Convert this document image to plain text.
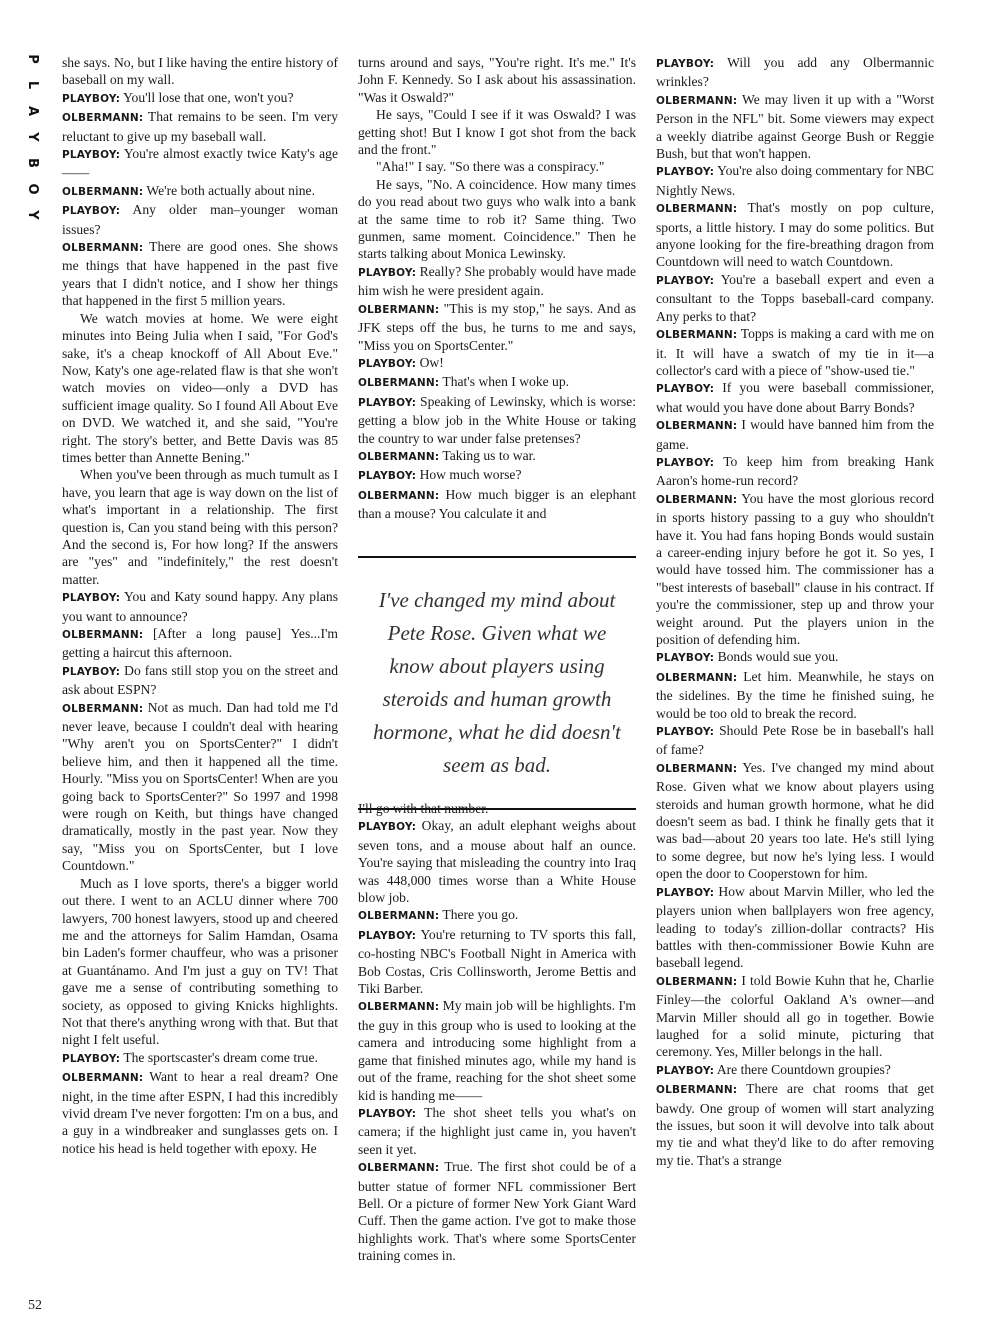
P
L
A
Y
B
O
Y
52

she says. No, but I like having the entire history of baseball on my wall.

PLAYBOY: You'll lose that one, won't you?

OLBERMANN: That remains to be seen. I'm very reluctant to give up my baseball wall.

PLAYBOY: You're almost exactly twice Katy's age——

OLBERMANN: We're both actually about nine.

PLAYBOY: Any older man–younger woman issues?

OLBERMANN: There are good ones. She shows me things that have happened in the past five years that I didn't notice, and I show her things that happened in the first 5 million years.

We watch movies at home. We were eight minutes into Being Julia when I said, "For God's sake, it's a cheap knockoff of All About Eve." Now, Katy's one age-related flaw is that she won't watch movies on video—only a DVD has sufficient image quality. So I found All About Eve on DVD. We watched it, and she said, "You're right. The story's better, and Bette Davis was 85 times better than Annette Bening."

When you've been through as much tumult as I have, you learn that age is way down on the list of what's important in a relationship. The first question is, Can you stand being with this person? And the second is, For how long? If the answers are "yes" and "indefinitely," the rest doesn't matter.

PLAYBOY: You and Katy sound happy. Any plans you want to announce?

OLBERMANN: [After a long pause] Yes...I'm getting a haircut this afternoon.

PLAYBOY: Do fans still stop you on the street and ask about ESPN?

OLBERMANN: Not as much. Dan had told me I'd never leave, because I couldn't deal with hearing "Why aren't you on SportsCenter?" I didn't believe him, and then it happened all the time. Hourly. "Miss you on SportsCenter! When are you going back to SportsCenter?" So 1997 and 1998 were rough on Keith, but things have changed dramatically, mostly in the past year. Now they say, "Miss you on SportsCenter, but I love Countdown."

Much as I love sports, there's a bigger world out there. I went to an ACLU dinner where 700 lawyers, 700 honest lawyers, stood up and cheered me and the attorneys for Salim Hamdan, Osama bin Laden's former chauffeur, who was a prisoner at Guantánamo. And I'm just a guy on TV! That gave me a sense of contributing something to society, as opposed to giving Knicks highlights. Not that there's anything wrong with that. But that night I felt useful.

PLAYBOY: The sportscaster's dream come true.

OLBERMANN: Want to hear a real dream? One night, in the time after ESPN, I had this incredibly vivid dream I've never forgotten: I'm on a bus, and a guy in a windbreaker and sunglasses gets on. I notice his head is held together with epoxy. He

turns around and says, "You're right. It's me." It's John F. Kennedy. So I ask about his assassination. "Was it Oswald?"

He says, "Could I see if it was Oswald? I was getting shot! But I know I got shot from the back and the front."

"Aha!" I say. "So there was a conspiracy."

He says, "No. A coincidence. How many times do you read about two guys who walk into a bank at the same time to rob it? Same thing. Two gunmen, same moment. Coincidence." Then he starts talking about Monica Lewinsky.

PLAYBOY: Really? She probably would have made him wish he were president again.

OLBERMANN: "This is my stop," he says. And as JFK steps off the bus, he turns to me and says, "Miss you on SportsCenter."

PLAYBOY: Ow!

OLBERMANN: That's when I woke up.

PLAYBOY: Speaking of Lewinsky, which is worse: getting a blow job in the White House or taking the country to war under false pretenses?

OLBERMANN: Taking us to war.

PLAYBOY: How much worse?

OLBERMANN: How much bigger is an elephant than a mouse? You calculate it and

I've changed my mind about Pete Rose. Given what we know about players using steroids and human growth hormone, what he did doesn't seem as bad.

I'll go with that number.

PLAYBOY: Okay, an adult elephant weighs about seven tons, and a mouse about half an ounce. You're saying that misleading the country into Iraq was 448,000 times worse than a White House blow job.

OLBERMANN: There you go.

PLAYBOY: You're returning to TV sports this fall, co-hosting NBC's Football Night in America with Bob Costas, Cris Collinsworth, Jerome Bettis and Tiki Barber.

OLBERMANN: My main job will be highlights. I'm the guy in this group who is used to looking at the camera and introducing some highlight from a game that finished minutes ago, while my hand is out of the frame, reaching for the shot sheet some kid is handing me——

PLAYBOY: The shot sheet tells you what's on camera; if the highlight just came in, you haven't seen it yet.

OLBERMANN: True. The first shot could be of a butter statue of former NFL commissioner Bert Bell. Or a picture of former New York Giant Ward Cuff. Then the game action. I've got to make those highlights work. That's where some SportsCenter training comes in.

PLAYBOY: Will you add any Olbermannic wrinkles?

OLBERMANN: We may liven it up with a "Worst Person in the NFL" bit. Some viewers may expect a weekly diatribe against George Bush or Reggie Bush, but that won't happen.

PLAYBOY: You're also doing commentary for NBC Nightly News.

OLBERMANN: That's mostly on pop culture, sports, a little history. I may do some politics. But anyone looking for the fire-breathing dragon from Countdown will need to watch Countdown.

PLAYBOY: You're a baseball expert and even a consultant to the Topps baseball-card company. Any perks to that?

OLBERMANN: Topps is making a card with me on it. It will have a swatch of my tie in it—a collector's card with a piece of "show-used tie."

PLAYBOY: If you were baseball commissioner, what would you have done about Barry Bonds?

OLBERMANN: I would have banned him from the game.

PLAYBOY: To keep him from breaking Hank Aaron's home-run record?

OLBERMANN: You have the most glorious record in sports history passing to a guy who shouldn't have it. You had fans hoping Bonds would sustain a career-ending injury before he got it. So yes, I would have tossed him. The commissioner has a "best interests of baseball" clause in his contract. If you're the commissioner, step up and throw your weight around. Put the players union in the position of defending him.

PLAYBOY: Bonds would sue you.

OLBERMANN: Let him. Meanwhile, he stays on the sidelines. By the time he finished suing, he would be too old to break the record.

PLAYBOY: Should Pete Rose be in baseball's hall of fame?

OLBERMANN: Yes. I've changed my mind about Rose. Given what we know about players using steroids and human growth hormone, what he did doesn't seem as bad. I think he finally gets that it was bad—about 20 years too late. He's still lying to some degree, but now he's lying less. I would open the door to Cooperstown for him.

PLAYBOY: How about Marvin Miller, who led the players union when ballplayers won free agency, leading to today's zillion-dollar contracts? His battles with then-commissioner Bowie Kuhn are baseball legend.

OLBERMANN: I told Bowie Kuhn that he, Charlie Finley—the colorful Oakland A's owner—and Marvin Miller should all go in together. Bowie laughed for a solid minute, picturing that ceremony. Yes, Miller belongs in the hall.

PLAYBOY: Are there Countdown groupies?

OLBERMANN: There are chat rooms that get bawdy. One group of women will start analyzing the issues, but soon it will devolve into talk about my tie and what they'd like to do after removing my tie. That's a strange
